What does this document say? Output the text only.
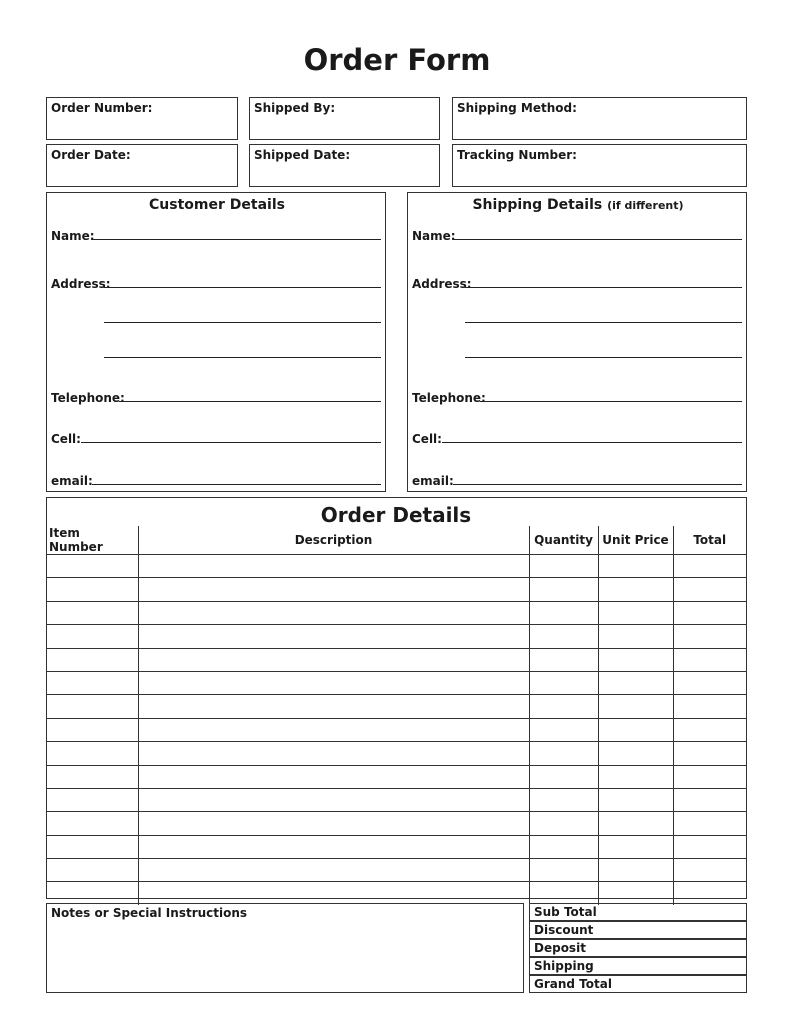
Order Form
Order Number:	Shipped By:	Shipping Method:
Order Date:	Shipped Date:	Tracking Number:
Customer Details
Name:
Address:
Telephone:
Cell:
email:
Shipping Details (if different)
Name:
Address:
Telephone:
Cell:
email:
Order Details
Item Number	Description	Quantity	Unit Price	Total

Notes or Special Instructions	Sub Total
Discount
Deposit
Shipping
Grand Total
